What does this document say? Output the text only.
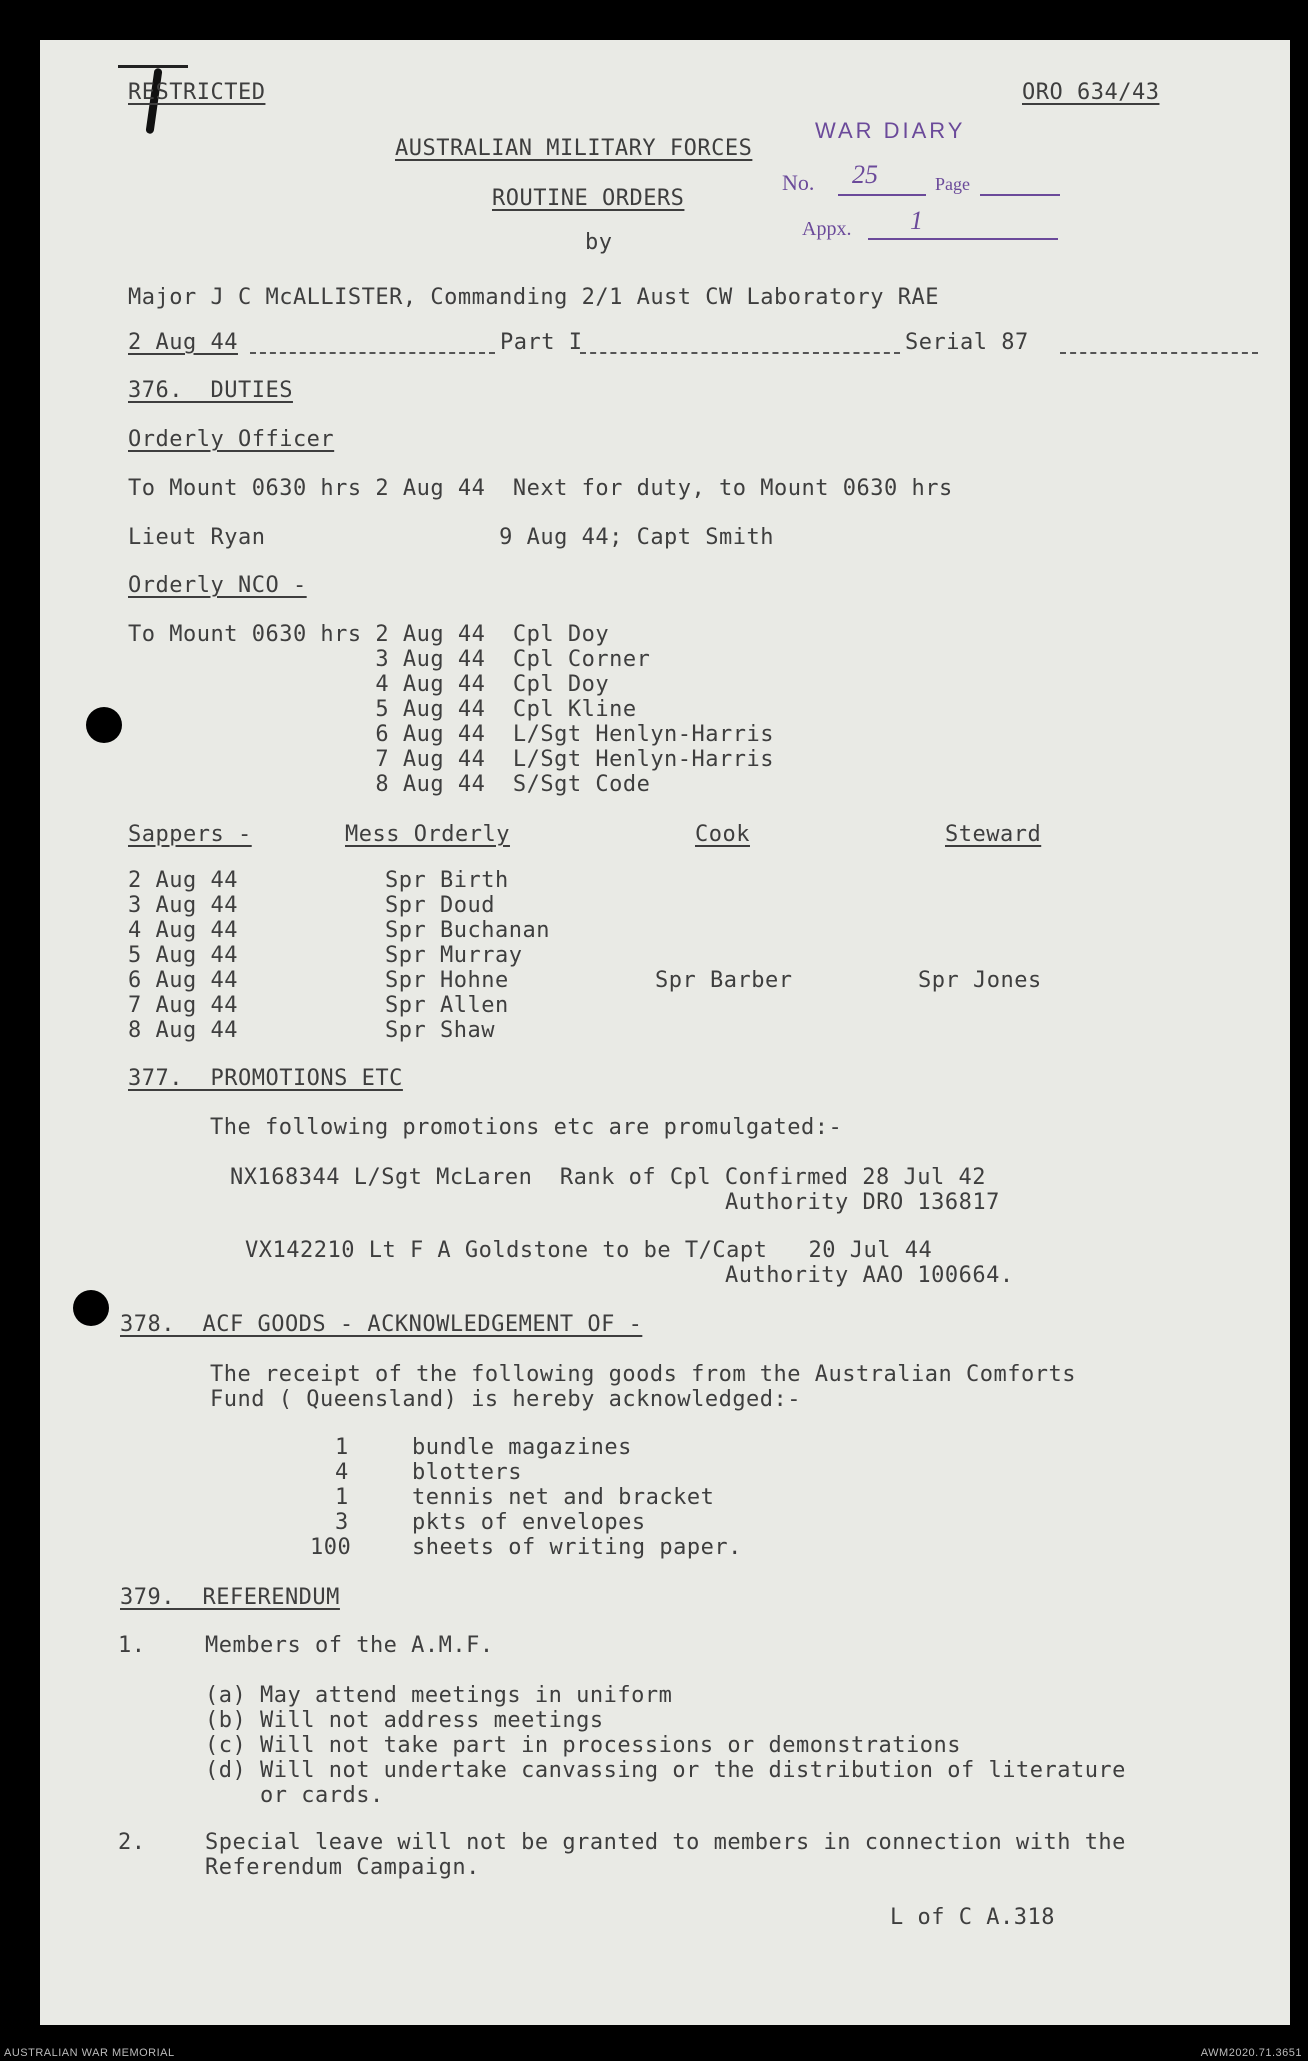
RESTRICTED	ORO 634/43
AUSTRALIAN MILITARY FORCES
ROUTINE ORDERS
by
Major J C McALLISTER, Commanding 2/1 Aust CW Laboratory RAE
2 Aug 44	Part I	Serial 87
WAR DIARY
No. 25	Page
Appx. 1
376.  DUTIES
Orderly Officer
To Mount 0630 hrs 2 Aug 44  Next for duty, to Mount 0630 hrs
Lieut Ryan                 9 Aug 44; Capt Smith
Orderly NCO -
To Mount 0630 hrs 2 Aug 44  Cpl Doy
3 Aug 44  Cpl Corner
4 Aug 44  Cpl Doy
5 Aug 44  Cpl Kline
6 Aug 44  L/Sgt Henlyn-Harris
7 Aug 44  L/Sgt Henlyn-Harris
8 Aug 44  S/Sgt Code
Sappers -	Mess Orderly	Cook	Steward
2 Aug 44	Spr Birth
3 Aug 44	Spr Doud
4 Aug 44	Spr Buchanan
5 Aug 44	Spr Murray
6 Aug 44	Spr Hohne	Spr Barber	Spr Jones
7 Aug 44	Spr Allen
8 Aug 44	Spr Shaw
377.  PROMOTIONS ETC
The following promotions etc are promulgated:-
NX168344 L/Sgt McLaren  Rank of Cpl Confirmed 28 Jul 42
Authority DRO 136817
VX142210 Lt F A Goldstone to be T/Capt   20 Jul 44
Authority AAO 100664.
378.  ACF GOODS - ACKNOWLEDGEMENT OF -
The receipt of the following goods from the Australian Comforts
Fund ( Queensland) is hereby acknowledged:-
1	bundle magazines
4	blotters
1	tennis net and bracket
3	pkts of envelopes
100	sheets of writing paper.
379.  REFERENDUM
1.	Members of the A.M.F.
(a) May attend meetings in uniform
(b) Will not address meetings
(c) Will not take part in processions or demonstrations
(d) Will not undertake canvassing or the distribution of literature
or cards.
2.	Special leave will not be granted to members in connection with the
Referendum Campaign.
L of C A.318
AUSTRALIAN WAR MEMORIAL	AWM2020.71.3651
